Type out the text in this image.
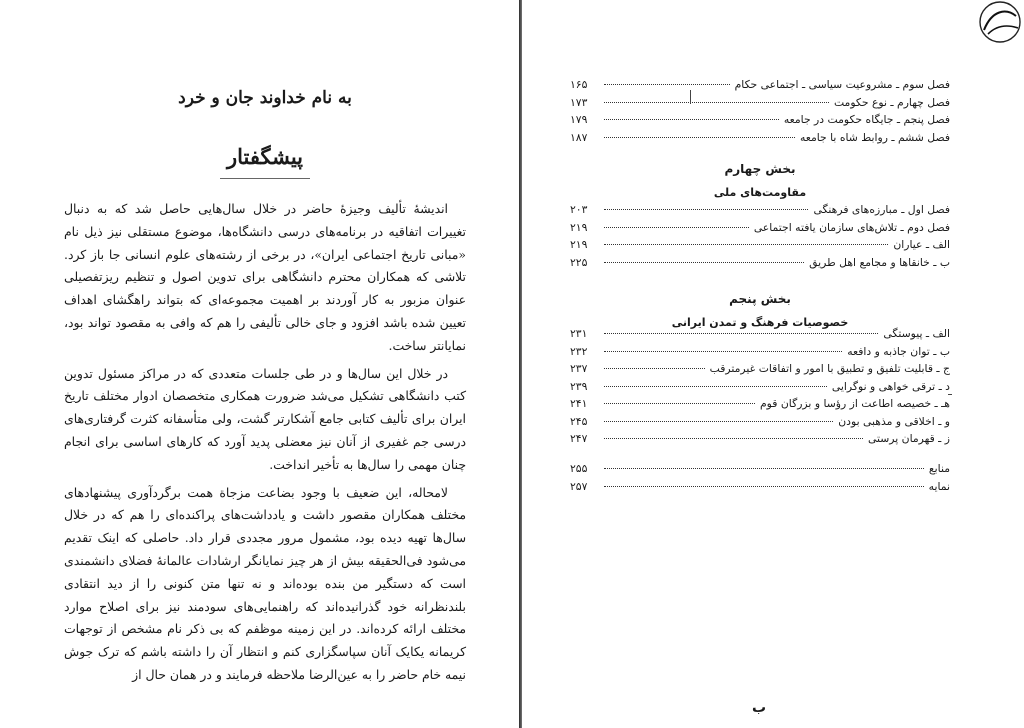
به نام خداوند جان و خرد
پیشگفتار

اندیشهٔ تألیف وجیزهٔ حاضر در خلال سال‌هایی حاصل شد که به دنبال تغییرات اتفاقیه در برنامه‌های درسی دانشگاه‌ها، موضوع مستقلی نیز ذیل نام «مبانی تاریخ اجتماعی ایران»، در برخی از رشته‌های علوم انسانی جا باز کرد. تلاشی که همکاران محترم دانشگاهی برای تدوین اصول و تنظیم ریزتفصیلی عنوان مزبور به کار آوردند بر اهمیت مجموعه‌ای که بتواند راهگشای اهداف تعیین شده باشد افزود و جای خالی تألیفی را هم که وافی به مقصود تواند بود، نمایانتر ساخت.

در خلال این سال‌ها و در طی جلسات متعددی که در مراکز مسئول تدوین کتب دانشگاهی تشکیل می‌شد ضرورت همکاری متخصصان ادوار مختلف تاریخ ایران برای تألیف کتابی جامع آشکارتر گشت، ولی متأسفانه کثرت گرفتاری‌های درسی جم غفیری از آنان نیز معضلی پدید آورد که کارهای اساسی برای انجام چنان مهمی را سال‌ها به تأخیر انداخت.

لامحاله، این ضعیف با وجود بضاعت مزجاة همت برگردآوری پیشنهادهای مختلف همکاران مقصور داشت و یادداشت‌های پراکنده‌ای را هم که در خلال سال‌ها تهیه دیده بود، مشمول مرور مجددی قرار داد. حاصلی که اینک تقدیم می‌شود فی‌الحقیقه بیش از هر چیز نمایانگر ارشادات عالمانهٔ فضلای دانشمندی است که دستگیر من بنده بوده‌اند و نه تنها متن کنونی را از دید انتقادی بلندنظرانه خود گذرانیده‌اند که راهنمایی‌های سودمند نیز برای اصلاح موارد مختلف ارائه کرده‌اند. در این زمینه موظفم که بی ذکر نام مشخص از توجهات کریمانه یکایک آنان سپاسگزاری کنم و انتظار آن را داشته باشم که ترک جوش نیمه خام حاضر را به عین‌الرضا ملاحظه فرمایند و در همان حال از

فصل سوم ـ مشروعیت سیاسی ـ اجتماعی حکام
۱۶۵
فصل چهارم ـ نوع حکومت
۱۷۳
فصل پنجم ـ جایگاه حکومت در جامعه
۱۷۹
فصل ششم ـ روابط شاه با جامعه
۱۸۷
بخش چهارم
مقاومت‌های ملی
فصل اول ـ مبارزه‌های فرهنگی
۲۰۳
فصل دوم ـ تلاش‌های سازمان یافته اجتماعی
۲۱۹
الف ـ عیاران
۲۱۹
ب ـ خانقاها و مجامع اهل طریق
۲۲۵
بخش پنجم
خصوصیات فرهنگ و تمدن ایرانی
الف ـ پیوستگی
۲۳۱
ب ـ توان جاذبه و دافعه
۲۳۲
ج ـ قابلیت تلفیق و تطبیق با امور و اتفاقات غیرمترقب
۲۳۷
د ـ ترقی خواهی و نوگرایی
۲۳۹
هـ ـ خصیصه اطاعت از رؤسا و بزرگان قوم
۲۴۱
و ـ اخلاقی و مذهبی بودن
۲۴۵
ز ـ قهرمان پرستی
۲۴۷
منابع
۲۵۵
نمایه
۲۵۷
ب
